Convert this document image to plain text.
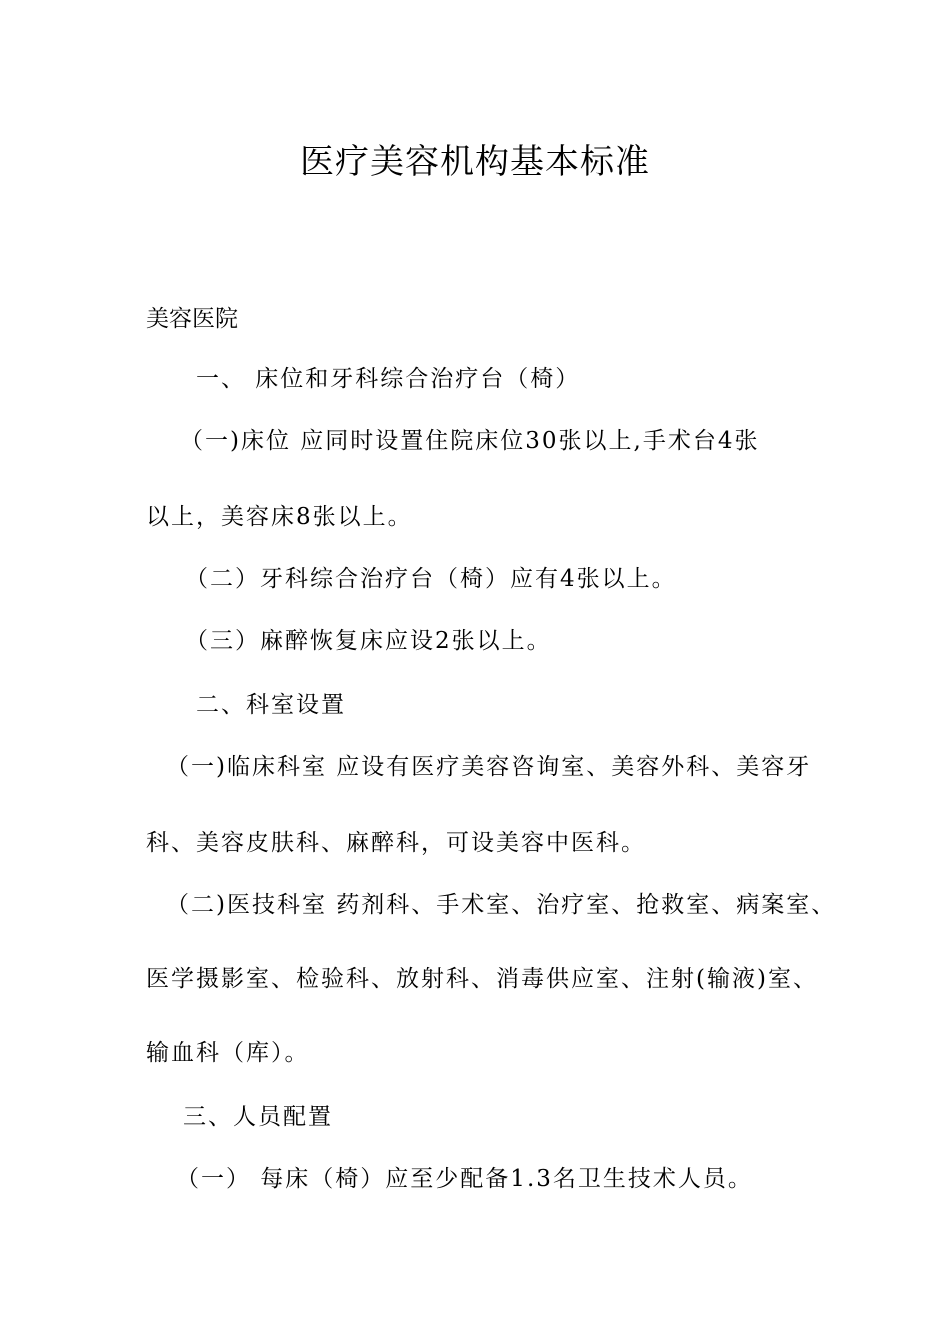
医疗美容机构基本标准
美容医院
一、 床位和牙科综合治疗台（椅）
（一)床位 应同时设置住院床位30张以上,手术台4张
以上，美容床8张以上。
（二）牙科综合治疗台（椅）应有4张以上。
（三）麻醉恢复床应设2张以上。
二、科室设置
（一)临床科室 应设有医疗美容咨询室、美容外科、美容牙
科、美容皮肤科、麻醉科，可设美容中医科。
（二)医技科室 药剂科、手术室、治疗室、抢救室、病案室、
医学摄影室、检验科、放射科、消毒供应室、注射(输液)室、
输血科（库）。
三、人员配置
（一） 每床（椅）应至少配备1.3名卫生技术人员。
